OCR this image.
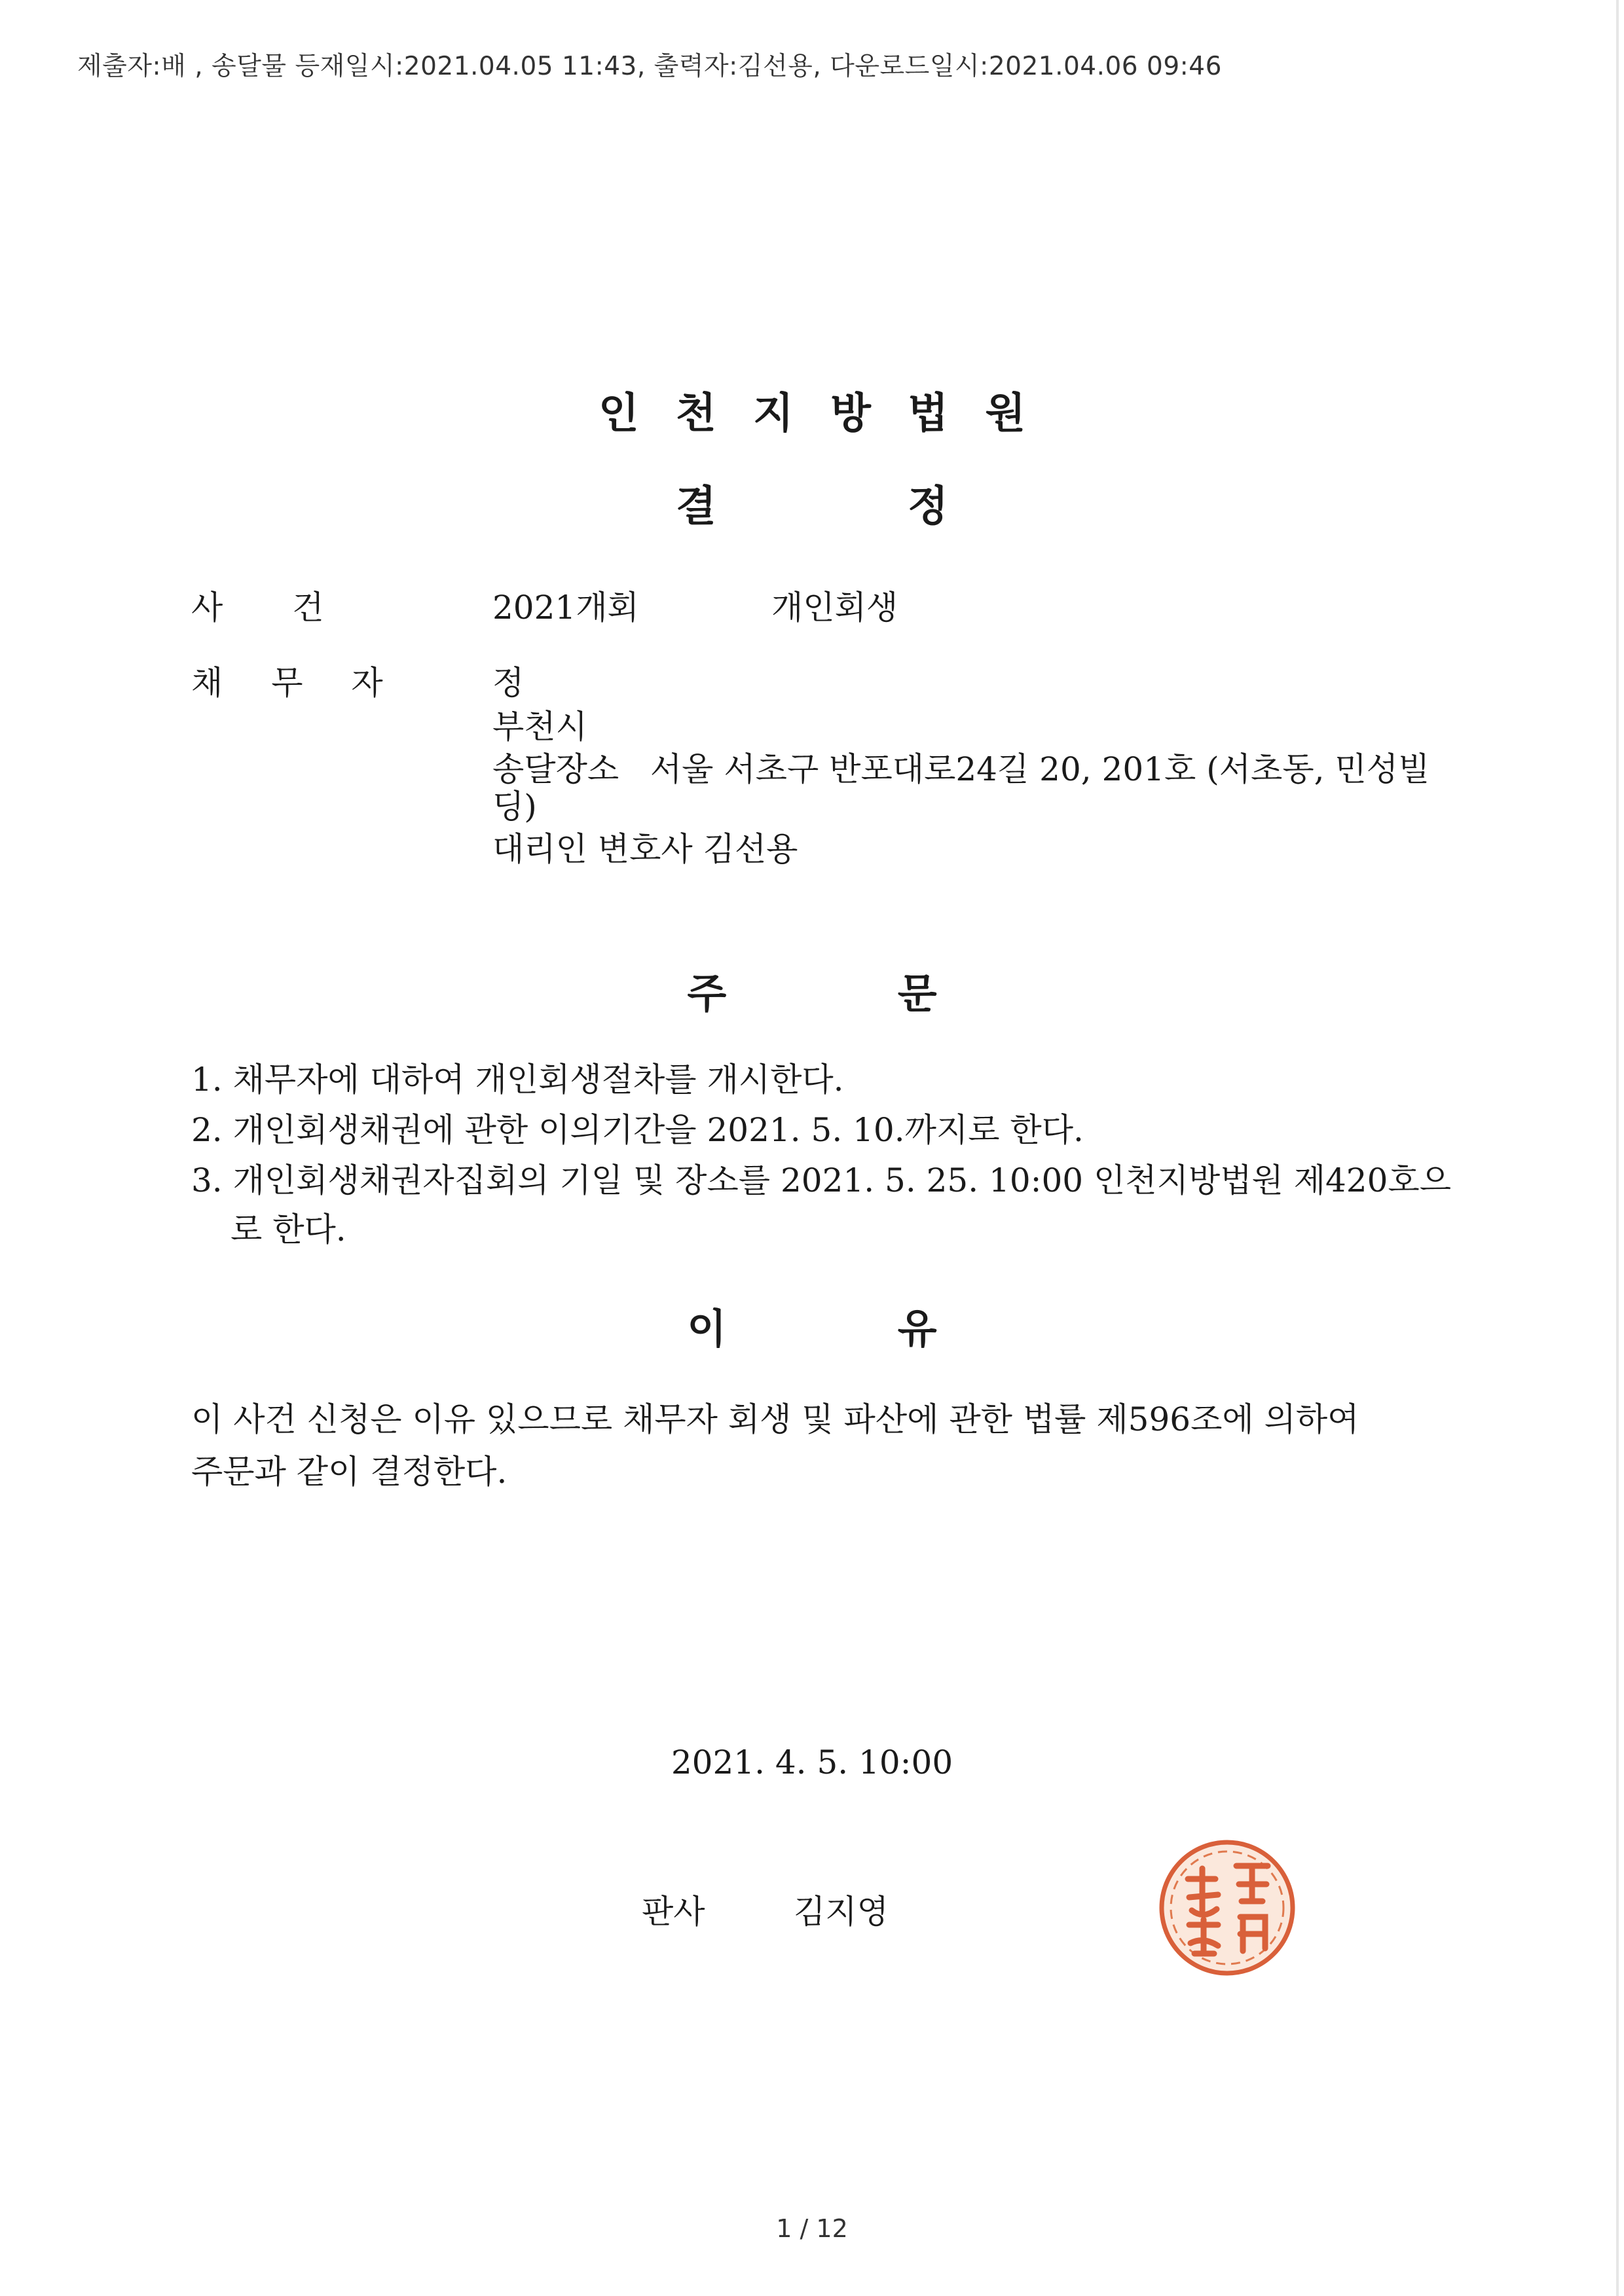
제출자:배 , 송달물 등재일시:2021.04.05 11:43, 출력자:김선용, 다운로드일시:2021.04.06 09:46
인 천 지 방 법 원
결 정
사 건	2021개회	개인회생
채 무 자	정
부천시
송달장소   서울 서초구 반포대로24길 20, 201호 (서초동, 민성빌
딩)
대리인 변호사 김선용
주 문
1. 채무자에 대하여 개인회생절차를 개시한다.
2. 개인회생채권에 관한 이의기간을 2021. 5. 10.까지로 한다.
3. 개인회생채권자집회의 기일 및 장소를 2021. 5. 25. 10:00 인천지방법원 제420호으
로 한다.
이 유
이 사건 신청은 이유 있으므로 채무자 회생 및 파산에 관한 법률 제596조에 의하여
주문과 같이 결정한다.
2021. 4. 5. 10:00
판사	김지영
1 / 12
